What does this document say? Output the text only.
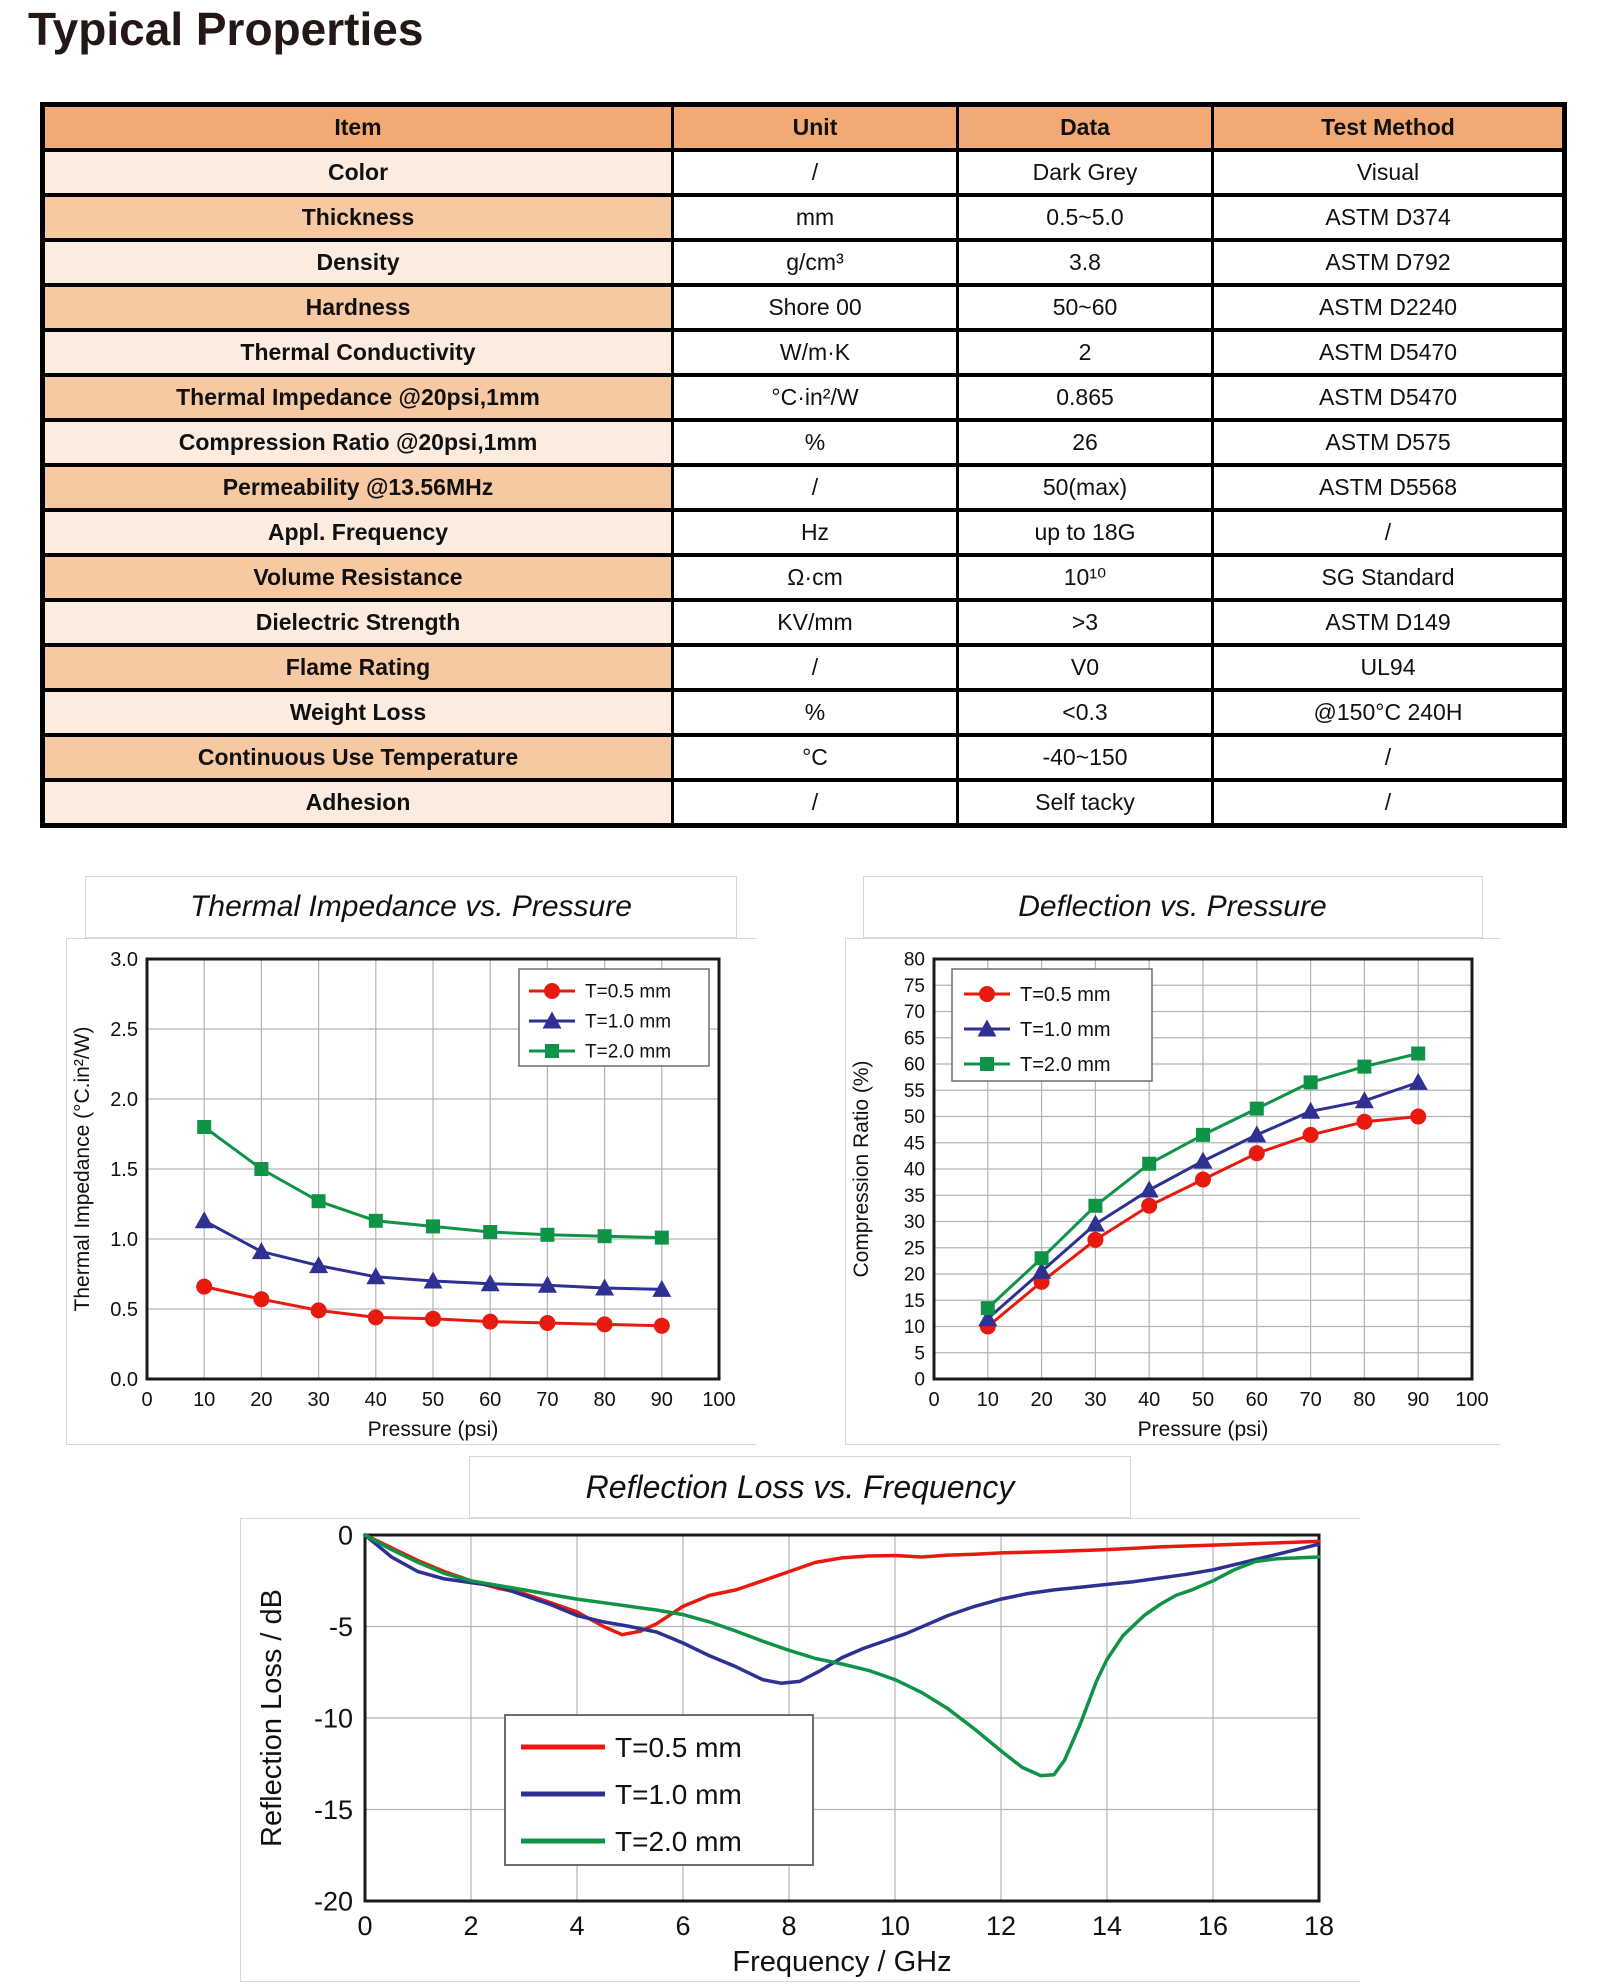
Typical Properties
Item	Unit	Data	Test Method
Color	/	Dark Grey	Visual
Thickness	mm	0.5~5.0	ASTM D374
Density	g/cm³	3.8	ASTM D792
Hardness	Shore 00	50~60	ASTM D2240
Thermal Conductivity	W/m·K	2	ASTM D5470
Thermal Impedance @20psi,1mm	°C·in²/W	0.865	ASTM D5470
Compression Ratio @20psi,1mm	%	26	ASTM D575
Permeability @13.56MHz	/	50(max)	ASTM D5568
Appl. Frequency	Hz	up to 18G	/
Volume Resistance	Ω·cm	10¹⁰	SG Standard
Dielectric Strength	KV/mm	>3	ASTM D149
Flame Rating	/	V0	UL94
Weight Loss	%	<0.3	@150°C 240H
Continuous Use Temperature	°C	-40~150	/
Adhesion	/	Self tacky	/
Thermal Impedance vs. Pressure
0 10 20 30 40 50 60 70 80 90 100
0.0
0.5
1.0
1.5
2.0
2.5
3.0
Pressure (psi)
Thermal Impedance (°C.in²/W)
T=0.5 mm
T=1.0 mm
T=2.0 mm
Deflection vs. Pressure
0 10 20 30 40 50 60 70 80 90 100
0
5
10
15
20
25
30
35
40
45
50
55
60
65
70
75
80
Pressure (psi)
Compression Ratio (%)
T=0.5 mm
T=1.0 mm
T=2.0 mm
Reflection Loss vs. Frequency
0	2	4	6	8	10	12	14	16	18
0
-5
-10
-15
-20
Frequency / GHz
Reflection Loss / dB	T=0.5 mm
T=1.0 mm
T=2.0 mm
